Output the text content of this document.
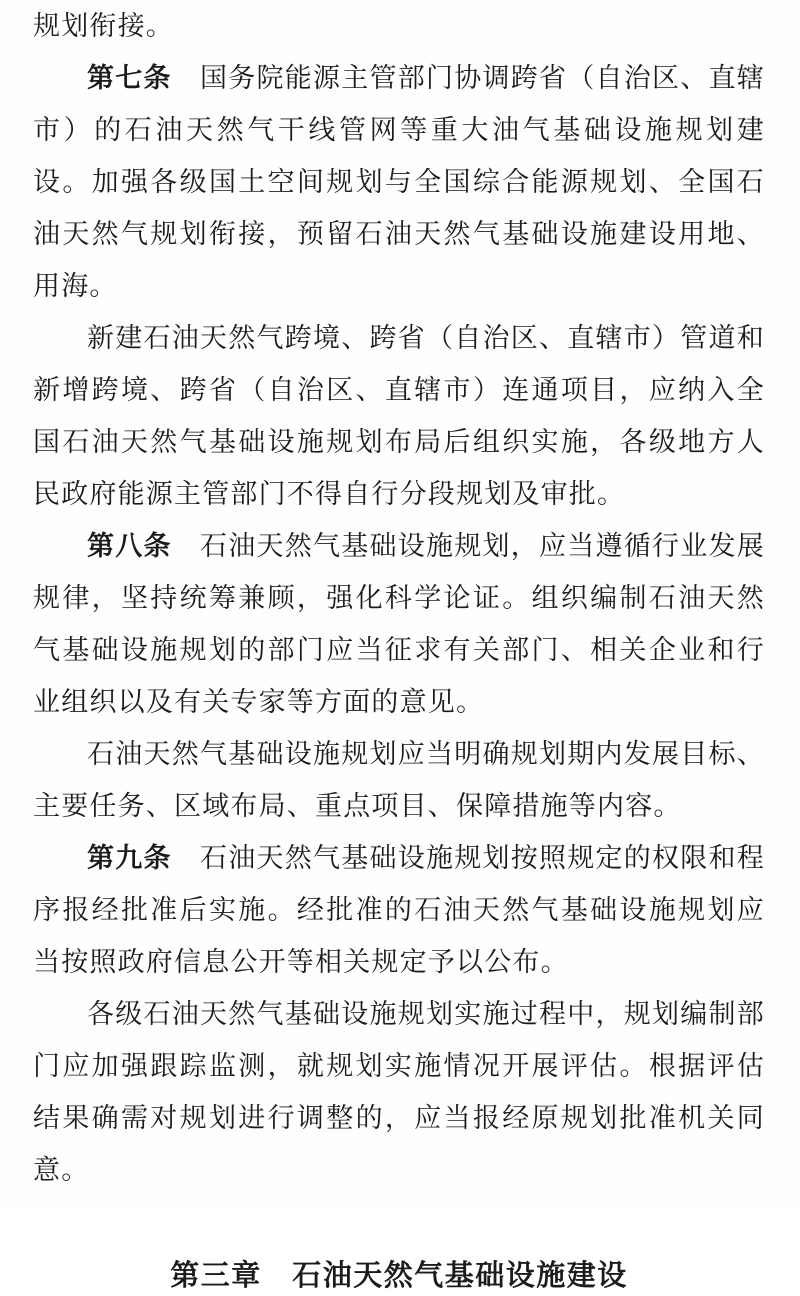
规划衔接。

第七条　国务院能源主管部门协调跨省（自治区、直辖市）的石油天然气干线管网等重大油气基础设施规划建设。加强各级国土空间规划与全国综合能源规划、全国石油天然气规划衔接，预留石油天然气基础设施建设用地、用海。

新建石油天然气跨境、跨省（自治区、直辖市）管道和新增跨境、跨省（自治区、直辖市）连通项目，应纳入全国石油天然气基础设施规划布局后组织实施，各级地方人民政府能源主管部门不得自行分段规划及审批。

第八条　石油天然气基础设施规划，应当遵循行业发展规律，坚持统筹兼顾，强化科学论证。组织编制石油天然气基础设施规划的部门应当征求有关部门、相关企业和行业组织以及有关专家等方面的意见。

石油天然气基础设施规划应当明确规划期内发展目标、主要任务、区域布局、重点项目、保障措施等内容。

第九条　石油天然气基础设施规划按照规定的权限和程序报经批准后实施。经批准的石油天然气基础设施规划应当按照政府信息公开等相关规定予以公布。

各级石油天然气基础设施规划实施过程中，规划编制部门应加强跟踪监测，就规划实施情况开展评估。根据评估结果确需对规划进行调整的，应当报经原规划批准机关同意。

第三章　石油天然气基础设施建设
